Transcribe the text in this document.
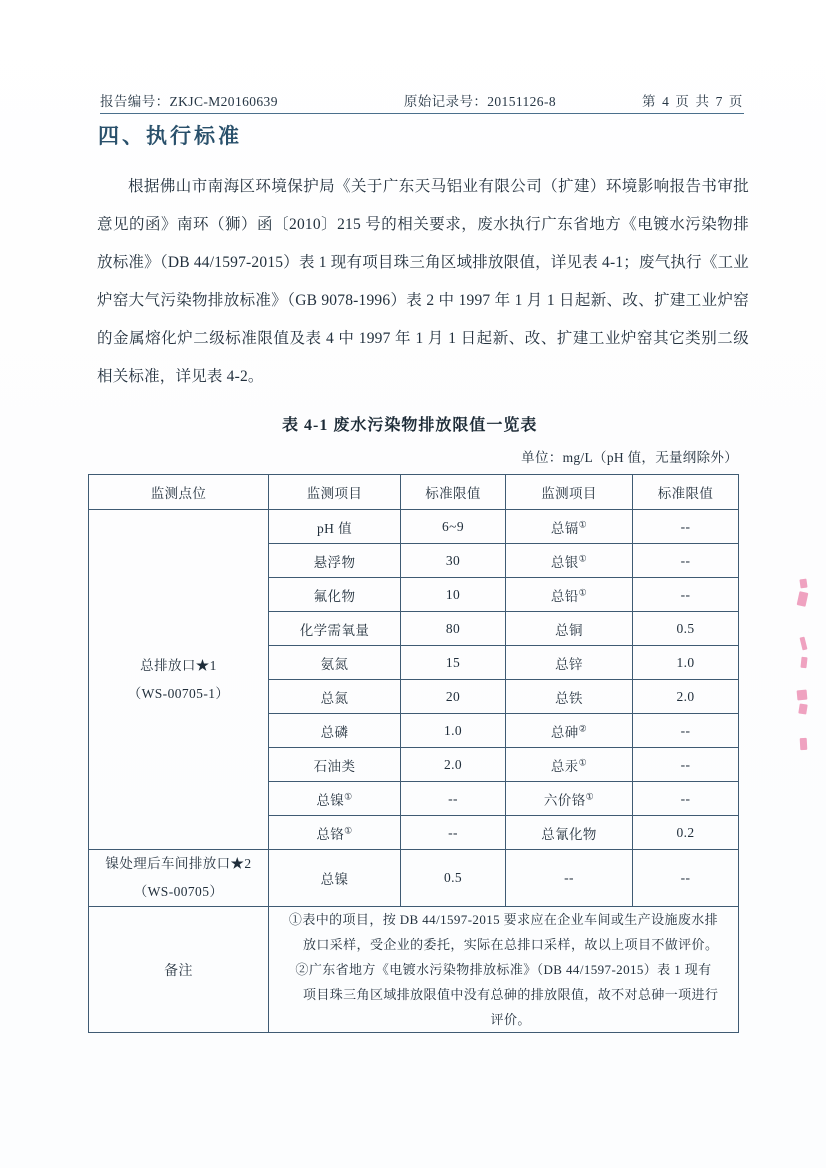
报告编号：ZKJC-M20160639	原始记录号：20151126-8	第 4 页 共 7 页
四、执行标准

根据佛山市南海区环境保护局《关于广东天马铝业有限公司（扩建）环境影响报告书审批意见的函》南环（狮）函〔2010〕215 号的相关要求，废水执行广东省地方《电镀水污染物排放标准》（DB 44/1597-2015）表 1 现有项目珠三角区域排放限值，详见表 4-1；废气执行《工业炉窑大气污染物排放标准》（GB 9078-1996）表 2 中 1997 年 1 月 1 日起新、改、扩建工业炉窑的金属熔化炉二级标准限值及表 4 中 1997 年 1 月 1 日起新、改、扩建工业炉窑其它类别二级相关标准，详见表 4-2。

表 4-1 废水污染物排放限值一览表
单位：mg/L（pH 值，无量纲除外）
监测点位	监测项目	标准限值	监测项目	标准限值
总排放口★1
（WS-00705-1）	pH 值	6~9	总镉①	--
	悬浮物	30	总银①	--
	氟化物	10	总铅①	--
	化学需氧量	80	总铜	0.5
	氨氮	15	总锌	1.0
	总氮	20	总铁	2.0
	总磷	1.0	总砷②	--
	石油类	2.0	总汞①	--
	总镍①	--	六价铬①	--
	总铬①	--	总氰化物	0.2
镍处理后车间排放口★2
（WS-00705）	总镍	0.5	--	--
备注	①表中的项目，按 DB 44/1597-2015 要求应在企业车间或生产设施废水排
放口采样，受企业的委托，实际在总排口采样，故以上项目不做评价。
②广东省地方《电镀水污染物排放标准》（DB 44/1597-2015）表 1 现有
项目珠三角区域排放限值中没有总砷的排放限值，故不对总砷一项进行
评价。			
